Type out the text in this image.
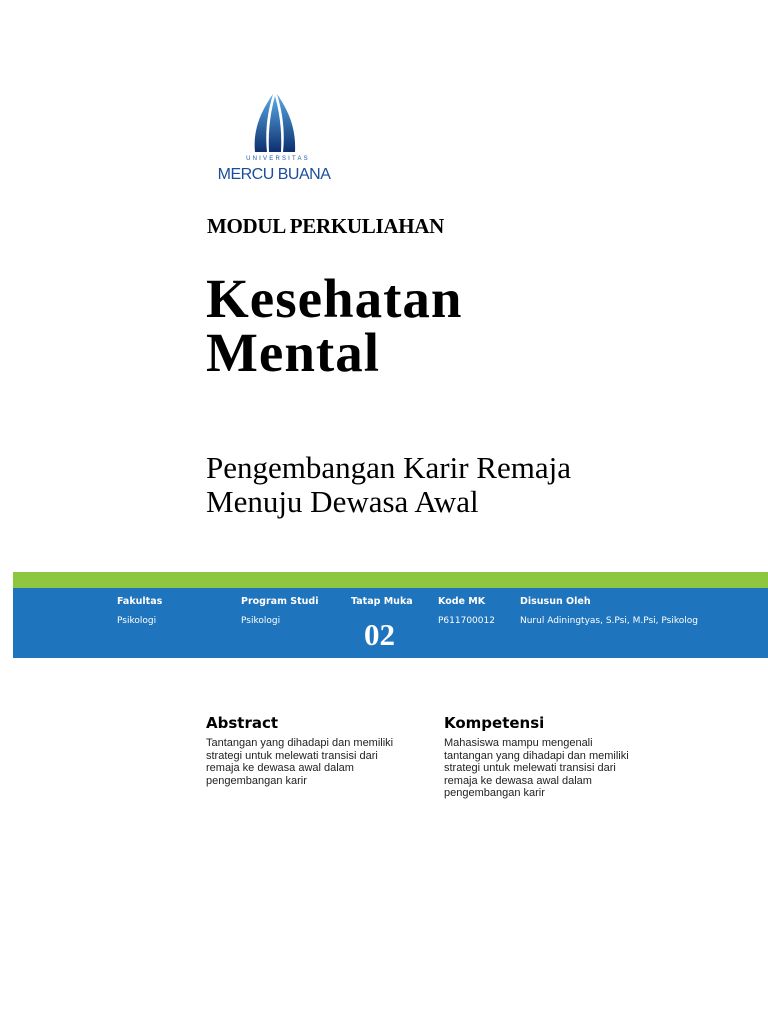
UNIVERSITAS
MERCU BUANA
MODUL PERKULIAHAN
Kesehatan
Mental
Pengembangan Karir Remaja
Menuju Dewasa Awal
Fakultas
Psikologi
Program Studi
Psikologi
Tatap Muka
02
Kode MK
P611700012
Disusun Oleh
Nurul Adiningtyas, S.Psi, M.Psi, Psikolog
Abstract
Tantangan yang dihadapi dan memiliki
strategi untuk melewati transisi dari
remaja ke dewasa awal dalam
pengembangan karir
Kompetensi
Mahasiswa mampu mengenali
tantangan yang dihadapi dan memiliki
strategi untuk melewati transisi dari
remaja ke dewasa awal dalam
pengembangan karir
